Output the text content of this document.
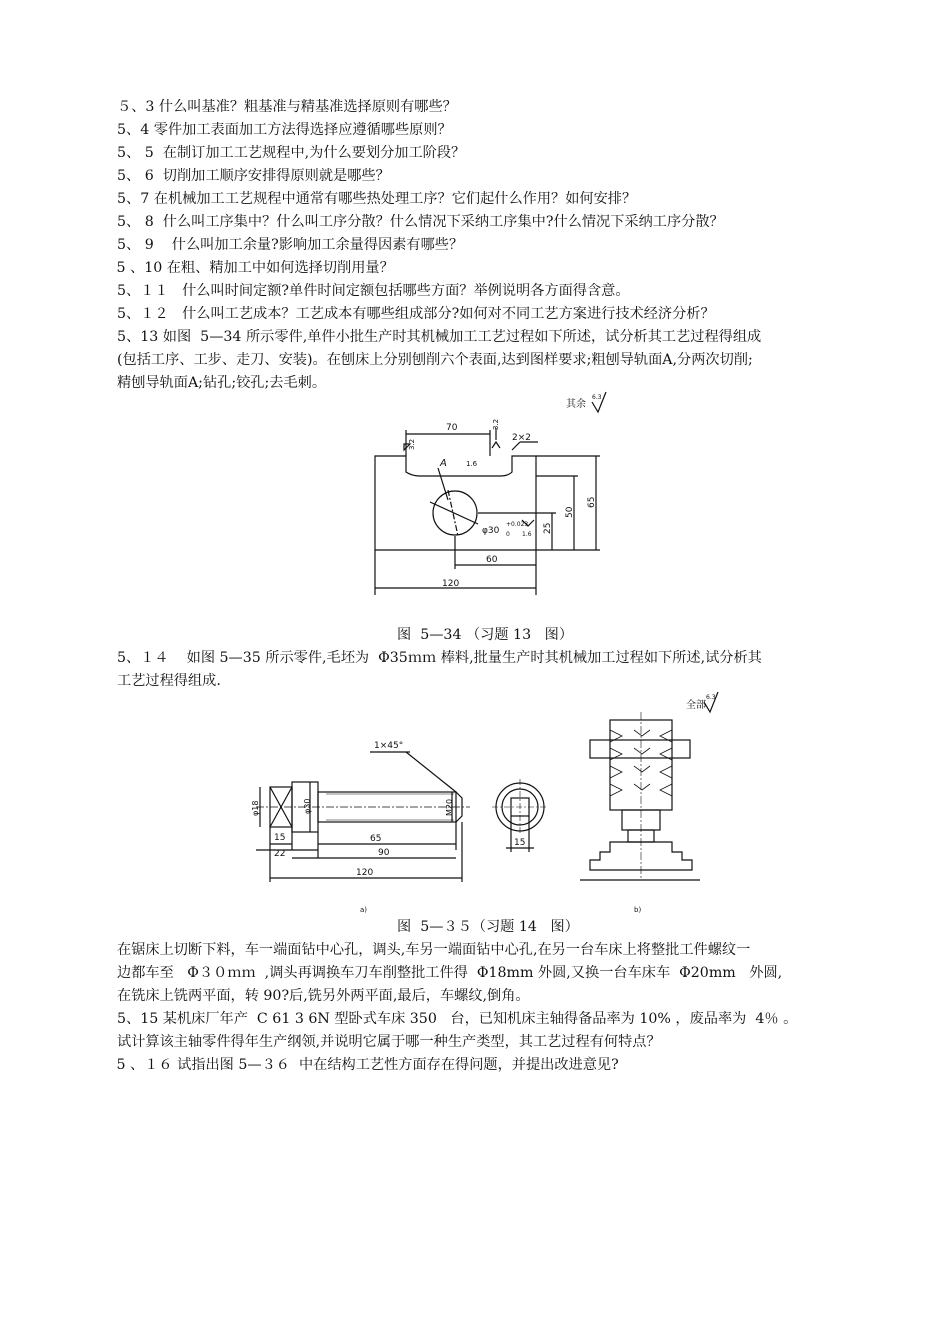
５、3 什么叫基准？粗基准与精基准选择原则有哪些？
5、4 零件加工表面加工方法得选择应遵循哪些原则？
5、 5  在制订加工工艺规程中,为什么要划分加工阶段？
5、 6  切削加工顺序安排得原则就是哪些？
5、7 在机械加工工艺规程中通常有哪些热处理工序？它们起什么作用？如何安排？
5、 8  什么叫工序集中？什么叫工序分散？什么情况下采纳工序集中?什么情况下采纳工序分散？
5、 9    什么叫加工余量?影响加工余量得因素有哪些？
5 、10 在粗、精加工中如何选择切削用量？
5、１１   什么叫时间定额?单件时间定额包括哪些方面？举例说明各方面得含意。
5、１２   什么叫工艺成本？工艺成本有哪些组成部分?如何对不同工艺方案进行技术经济分析？
5、13 如图  5—34 所示零件,单件小批生产时其机械加工工艺过程如下所述，试分析其工艺过程得组成
(包括工序、工步、走刀、安装)。在刨床上分别刨削六个表面,达到图样要求;粗刨导轨面A,分两次切削;
精刨导轨面A;钻孔;铰孔;去毛刺。
其余
6.3
70
3.2
3.2
2×2
A	1.6
φ30
+0.023
0 1.6
25
50
65
60
120
图  5—34 （习题 13   图）
5、１４    如图 5—35 所示零件,毛坯为  Φ35ｍｍ 棒料,批量生产时其机械加工过程如下所述,试分析其
工艺过程得组成.
全部
6.3
1×45°
φ18	φ30	M20
15
22
65
90
120
15
a)	b)
图  5—３５（习题 14   图）
在锯床上切断下料，车一端面钻中心孔，调头,车另一端面钻中心孔,在另一台车床上将整批工件螺纹一
边都车至   Φ３０ｍｍ  ,调头再调换车刀车削整批工件得  Φ18mm 外圆,又换一台车床车  Φ20mm   外圆,
在铣床上铣两平面，转 90?后,铣另外两平面,最后，车螺纹,倒角。
5、15 某机床厂年产  C 61 3 6N 型卧式车床 350   台，已知机床主轴得备品率为 10% ，废品率为  4％ 。
试计算该主轴零件得年生产纲领,并说明它属于哪一种生产类型，其工艺过程有何特点？
5 、１６ 试指出图 5—３６  中在结构工艺性方面存在得问题，并提出改进意见?
